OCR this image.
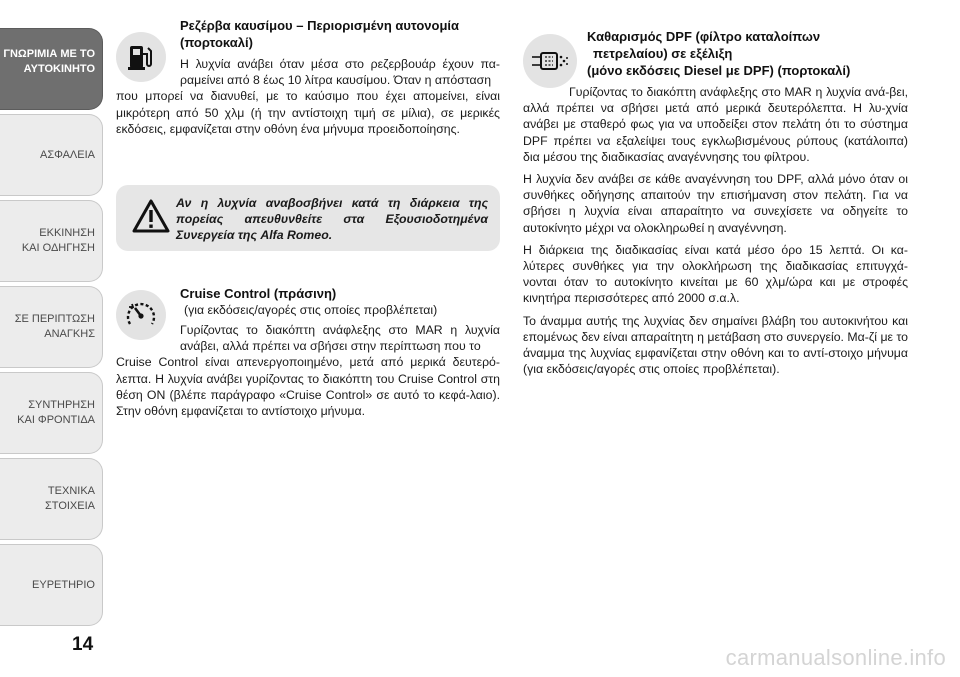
ΓΝΩΡΙΜΙΑ ΜΕ ΤΟ
ΑΥΤΟΚΙΝΗΤΟ
ΑΣΦΑΛΕΙΑ
ΕΚΚΙΝΗΣΗ
ΚΑΙ ΟΔΗΓΗΣΗ
ΣΕ ΠΕΡΙΠΤΩΣΗ
ΑΝΑΓΚΗΣ
ΣΥΝΤΗΡΗΣΗ
ΚΑΙ ΦΡΟΝΤΙΔΑ
ΤΕΧΝΙΚΑ
ΣΤΟΙΧΕΙΑ
ΕΥΡΕΤΗΡΙΟ
14
Ρεζέρβα καυσίμου – Περιορισμένη αυτονομία
(πορτοκαλί)

Η λυχνία ανάβει όταν μέσα στο ρεζερβουάρ έχουν πα-ραμείνει από 8 έως 10 λίτρα καυσίμου. Όταν η απόσταση

που μπορεί να διανυθεί, με το καύσιμο που έχει απομείνει, είναι μικρότερη από 50 χλμ (ή την αντίστοιχη τιμή σε μίλια), σε μερικές εκδόσεις, εμφανίζεται στην οθόνη ένα μήνυμα προειδοποίησης.

Cruise Control (πράσινη)
(για εκδόσεις/αγορές στις οποίες προβλέπεται)

Γυρίζοντας το διακόπτη ανάφλεξης στο MAR η λυχνία ανάβει, αλλά πρέπει να σβήσει στην περίπτωση που το

Cruise Control είναι απενεργοποιημένο, μετά από μερικά δευτερό-λεπτα. Η λυχνία ανάβει γυρίζοντας το διακόπτη του Cruise Control στη θέση ON (βλέπε παράγραφο «Cruise Control» σε αυτό το κεφά-λαιο). Στην οθόνη εμφανίζεται το αντίστοιχο μήνυμα.

Αν η λυχνία αναβοσβήνει κατά τη διάρκεια της πορείας απευθυνθείτε στα Εξουσιοδοτημένα Συνεργεία της Alfa Romeo.
Καθαρισμός DPF (φίλτρο καταλοίπων
πετρελαίου) σε εξέλιξη
(μόνο εκδόσεις Diesel με DPF) (πορτοκαλί)

Γυρίζοντας το διακόπτη ανάφλεξης στο MAR η λυχνία ανά-βει, αλλά πρέπει να σβήσει μετά από μερικά δευτερόλεπτα. Η λυ-χνία ανάβει με σταθερό φως για να υποδείξει στον πελάτη ότι το σύστημα DPF πρέπει να εξαλείψει τους εγκλωβισμένους ρύπους (κατάλοιπα) δια μέσου της διαδικασίας αναγέννησης του φίλτρου.

Η λυχνία δεν ανάβει σε κάθε αναγέννηση του DPF, αλλά μόνο όταν οι συνθήκες οδήγησης απαιτούν την επισήμανση στον πελάτη. Για να σβήσει η λυχνία είναι απαραίτητο να συνεχίσετε να οδηγείτε το αυτοκίνητο μέχρι να ολοκληρωθεί η αναγέννηση.

Η διάρκεια της διαδικασίας είναι κατά μέσο όρο 15 λεπτά. Οι κα-λύτερες συνθήκες για την ολοκλήρωση της διαδικασίας επιτυγχά-νονται όταν το αυτοκίνητο κινείται με 60 χλμ/ώρα και με στροφές κινητήρα περισσότερες από 2000 σ.α.λ.

Το άναμμα αυτής της λυχνίας δεν σημαίνει βλάβη του αυτοκινήτου και επομένως δεν είναι απαραίτητη η μετάβαση στο συνεργείο. Μα-ζί με το άναμμα της λυχνίας εμφανίζεται στην οθόνη και το αντί-στοιχο μήνυμα (για εκδόσεις/αγορές στις οποίες προβλέπεται).

carmanualsonline.info
